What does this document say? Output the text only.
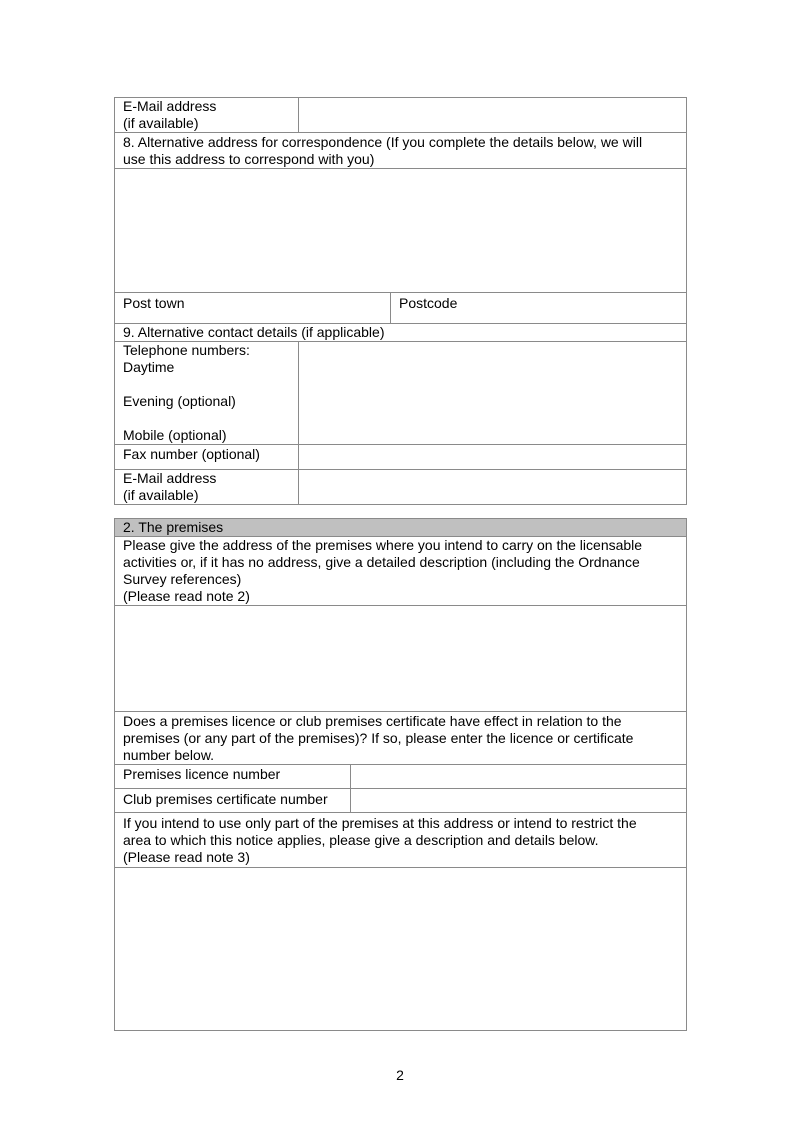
E-Mail address
(if available)		

8. Alternative address for correspondence (If you complete the details below, we will
use this address to correspond with you)		

Post town		Postcode
9. Alternative contact details (if applicable)		

Telephone numbers:
Daytime
Evening (optional)
Mobile (optional)		

Fax number (optional)		

E-Mail address
(if available)		

2. The premises	

Please give the address of the premises where you intend to carry on the licensable
activities or, if it has no address, give a detailed description (including the Ordnance
Survey references)
(Please read note 2)	

Does a premises licence or club premises certificate have effect in relation to the
premises (or any part of the premises)? If so, please enter the licence or certificate
number below.	

Premises licence number	
Club premises certificate number	

If you intend to use only part of the premises at this address or intend to restrict the
area to which this notice applies, please give a description and details below.
(Please read note 3)	

2
